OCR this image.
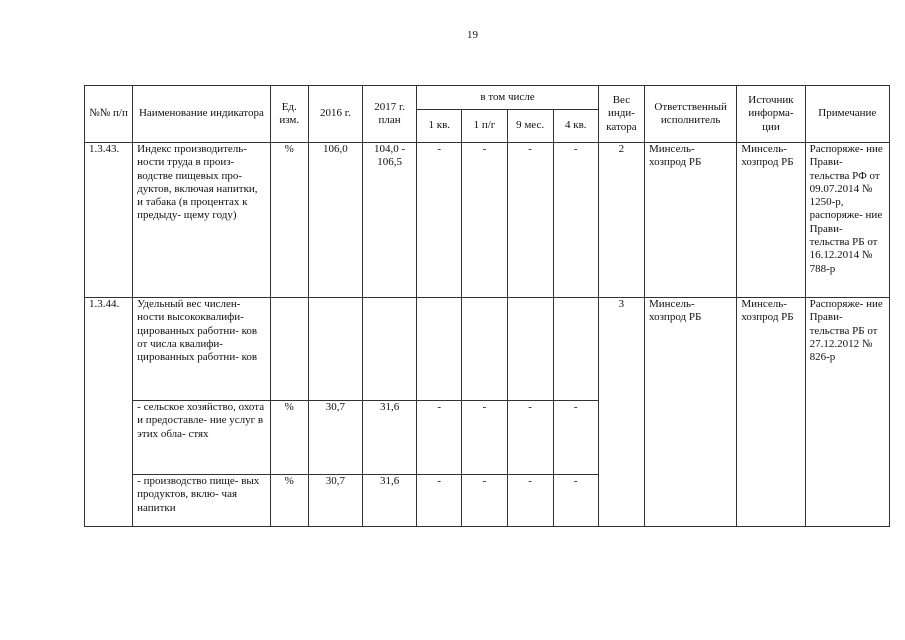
19
№№ п/п	Наименование индикатора	Ед. изм.	2016 г.	2017 г. план	в том числе				Вес инди- катора	Ответственный исполнитель	Источник информа- ции	Примечание
					1 кв.	1 п/г	9 мес.	4 кв.				
1.3.43.	Индекс производитель- ности труда в произ- водстве пищевых про- дуктов, включая напитки, и табака (в процентах к предыду- щему году)	%	106,0	104,0 - 106,5	-	-	-	-	2	Минсель- хозпрод РБ	Минсель- хозпрод РБ	Распоряже- ние Прави- тельства РФ от 09.07.2014 № 1250-р, распоряже- ние Прави- тельства РБ от 16.12.2014 № 788-р
1.3.44.	Удельный вес числен- ности высококвалифи- цированных работни- ков от числа квалифи- цированных работни- ков								3	Минсель- хозпрод РБ	Минсель- хозпрод РБ	Распоряже- ние Прави- тельства РБ от 27.12.2012 № 826-р
	- сельское хозяйство, охота и предоставле- ние услуг в этих обла- стях	%	30,7	31,6	-	-	-	-				
	- производство пище- вых продуктов, вклю- чая напитки	%	30,7	31,6	-	-	-	-				
